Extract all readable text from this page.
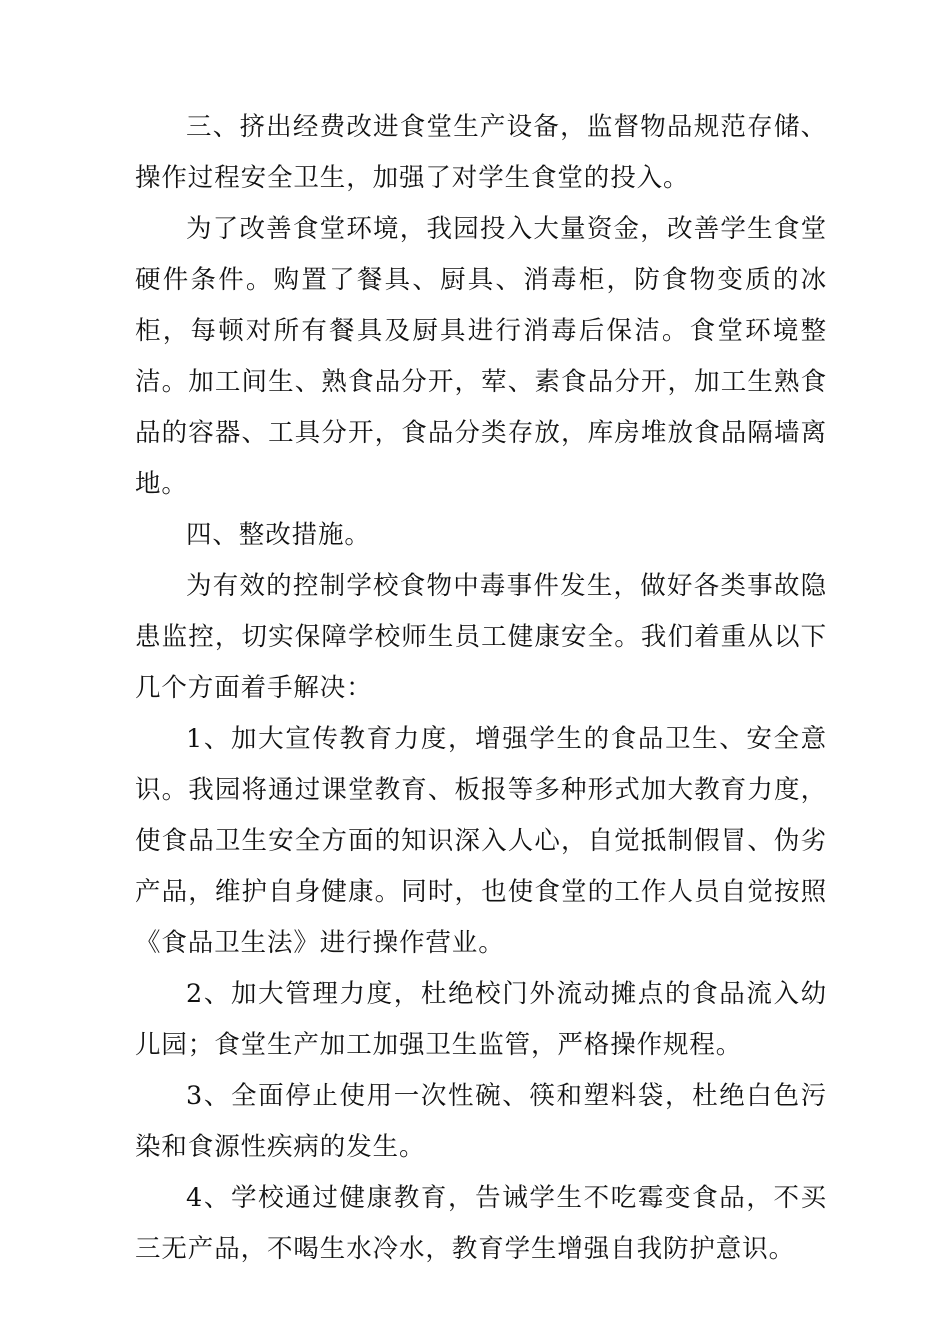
三、挤出经费改进食堂生产设备，监督物品规范存储、操作过程安全卫生，加强了对学生食堂的投入。

为了改善食堂环境，我园投入大量资金，改善学生食堂硬件条件。购置了餐具、厨具、消毒柜，防食物变质的冰柜，每顿对所有餐具及厨具进行消毒后保洁。食堂环境整洁。加工间生、熟食品分开，荤、素食品分开，加工生熟食品的容器、工具分开，食品分类存放，库房堆放食品隔墙离地。

四、整改措施。

为有效的控制学校食物中毒事件发生，做好各类事故隐患监控，切实保障学校师生员工健康安全。我们着重从以下几个方面着手解决：

1、加大宣传教育力度，增强学生的食品卫生、安全意识。我园将通过课堂教育、板报等多种形式加大教育力度，使食品卫生安全方面的知识深入人心，自觉抵制假冒、伪劣产品，维护自身健康。同时，也使食堂的工作人员自觉按照《食品卫生法》进行操作营业。

2、加大管理力度，杜绝校门外流动摊点的食品流入幼儿园；食堂生产加工加强卫生监管，严格操作规程。

3、全面停止使用一次性碗、筷和塑料袋，杜绝白色污染和食源性疾病的发生。

4、学校通过健康教育，告诫学生不吃霉变食品，不买三无产品，不喝生水冷水，教育学生增强自我防护意识。
